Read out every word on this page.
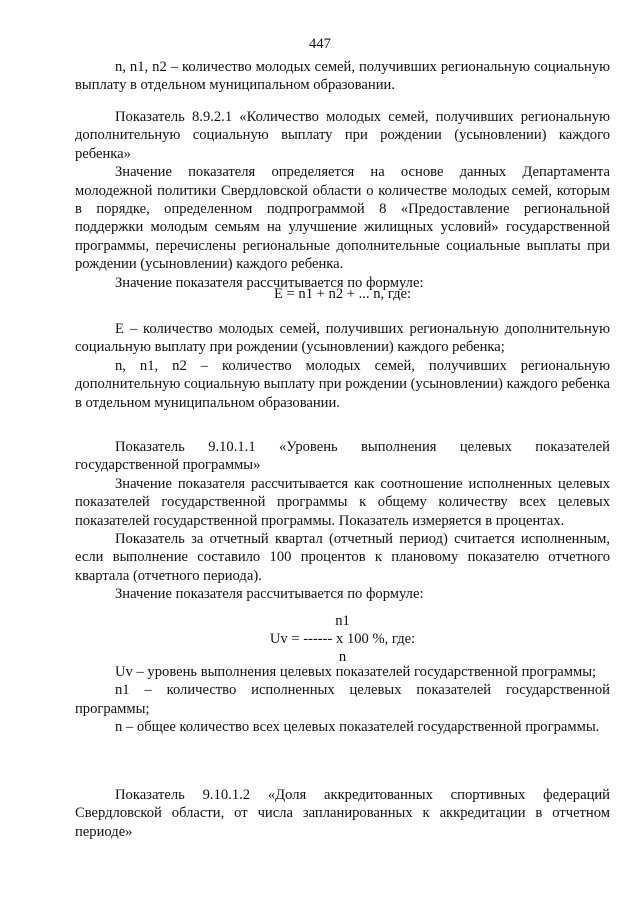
447

n, n1, n2 – количество молодых семей, получивших региональную социальную выплату в отдельном муниципальном образовании.

Показатель 8.9.2.1 «Количество молодых семей, получивших региональную дополнительную социальную выплату при рождении (усыновлении) каждого ребенка»

Значение показателя определяется на основе данных Департамента молодежной политики Свердловской области о количестве молодых семей, которым в порядке, определенном подпрограммой 8 «Предоставление региональной поддержки молодым семьям на улучшение жилищных условий» государственной программы, перечислены региональные дополнительные социальные выплаты при рождении (усыновлении) каждого ребенка.

Значение показателя рассчитывается по формуле:

E = n1 + n2 + ... n, где:

E – количество молодых семей, получивших региональную дополнительную социальную выплату при рождении (усыновлении) каждого ребенка;

n, n1, n2 – количество молодых семей, получивших региональную дополнительную социальную выплату при рождении (усыновлении) каждого ребенка в отдельном муниципальном образовании.

Показатель 9.10.1.1 «Уровень выполнения целевых показателей государственной программы»

Значение показателя рассчитывается как соотношение исполненных целевых показателей государственной программы к общему количеству всех целевых показателей государственной программы. Показатель измеряется в процентах.

Показатель за отчетный квартал (отчетный период) считается исполненным, если выполнение составило 100 процентов к плановому показателю отчетного квартала (отчетного периода).

Значение показателя рассчитывается по формуле:

n1
Uv = ------ x 100 %, где:
n

Uv – уровень выполнения целевых показателей государственной программы;

n1 – количество исполненных целевых показателей государственной программы;

n – общее количество всех целевых показателей государственной программы.

Показатель 9.10.1.2 «Доля аккредитованных спортивных федераций Свердловской области, от числа запланированных к аккредитации в отчетном периоде»
